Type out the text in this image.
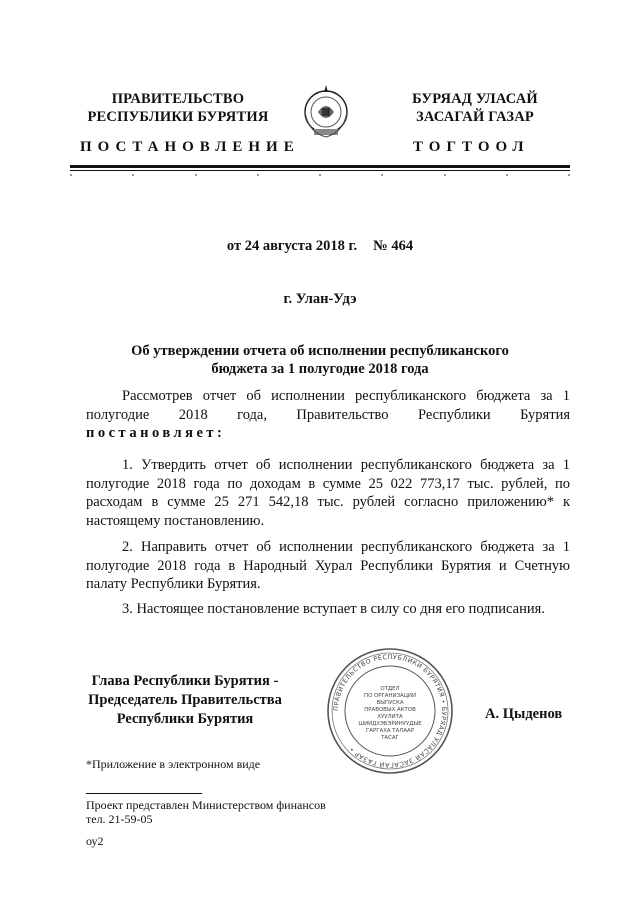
ПРАВИТЕЛЬСТВО
РЕСПУБЛИКИ БУРЯТИЯ
БУРЯАД УЛАСАЙ
ЗАСАГАЙ ГАЗАР
ПОСТАНОВЛЕНИЕ	ТОГТООЛ
от 24 августа 2018 г. № 464
г. Улан-Удэ
Об утверждении отчета об исполнении республиканского
бюджета за 1 полугодие 2018 года
Рассмотрев отчет об исполнении республиканского бюджета за 1 полугодие 2018 года, Правительство Республики Бурятия постановляет:
1. Утвердить отчет об исполнении республиканского бюджета за 1 полугодие 2018 года по доходам в сумме 25 022 773,17 тыс. рублей, по расходам в сумме 25 271 542,18 тыс. рублей согласно приложению* к настоящему постановлению.
2. Направить отчет об исполнении республиканского бюджета за 1 полугодие 2018 года в Народный Хурал Республики Бурятия и Счетную палату Республики Бурятия.
3. Настоящее постановление вступает в силу со дня его подписания.
Глава Республики Бурятия -
Председатель Правительства
Республики Бурятия
ПРАВИТЕЛЬСТВО РЕСПУБЛИКИ БУРЯТИЯ • БУРЯАД УЛАСАЙ ЗАСАГАЙ ГАЗАР •
ОТДЕЛ
ПО ОРГАНИЗАЦИИ
ВЫПУСКА
ПРАВОВЫХ АКТОВ
ХУУЛИТА
ШИИДХЭБЭРИНУУДЫЕ
ГАРГАХА ТАЛААР
ТАСАГ
А. Цыденов
*Приложение в электронном виде
Проект представлен Министерством финансов
тел. 21-59-05
оу2
